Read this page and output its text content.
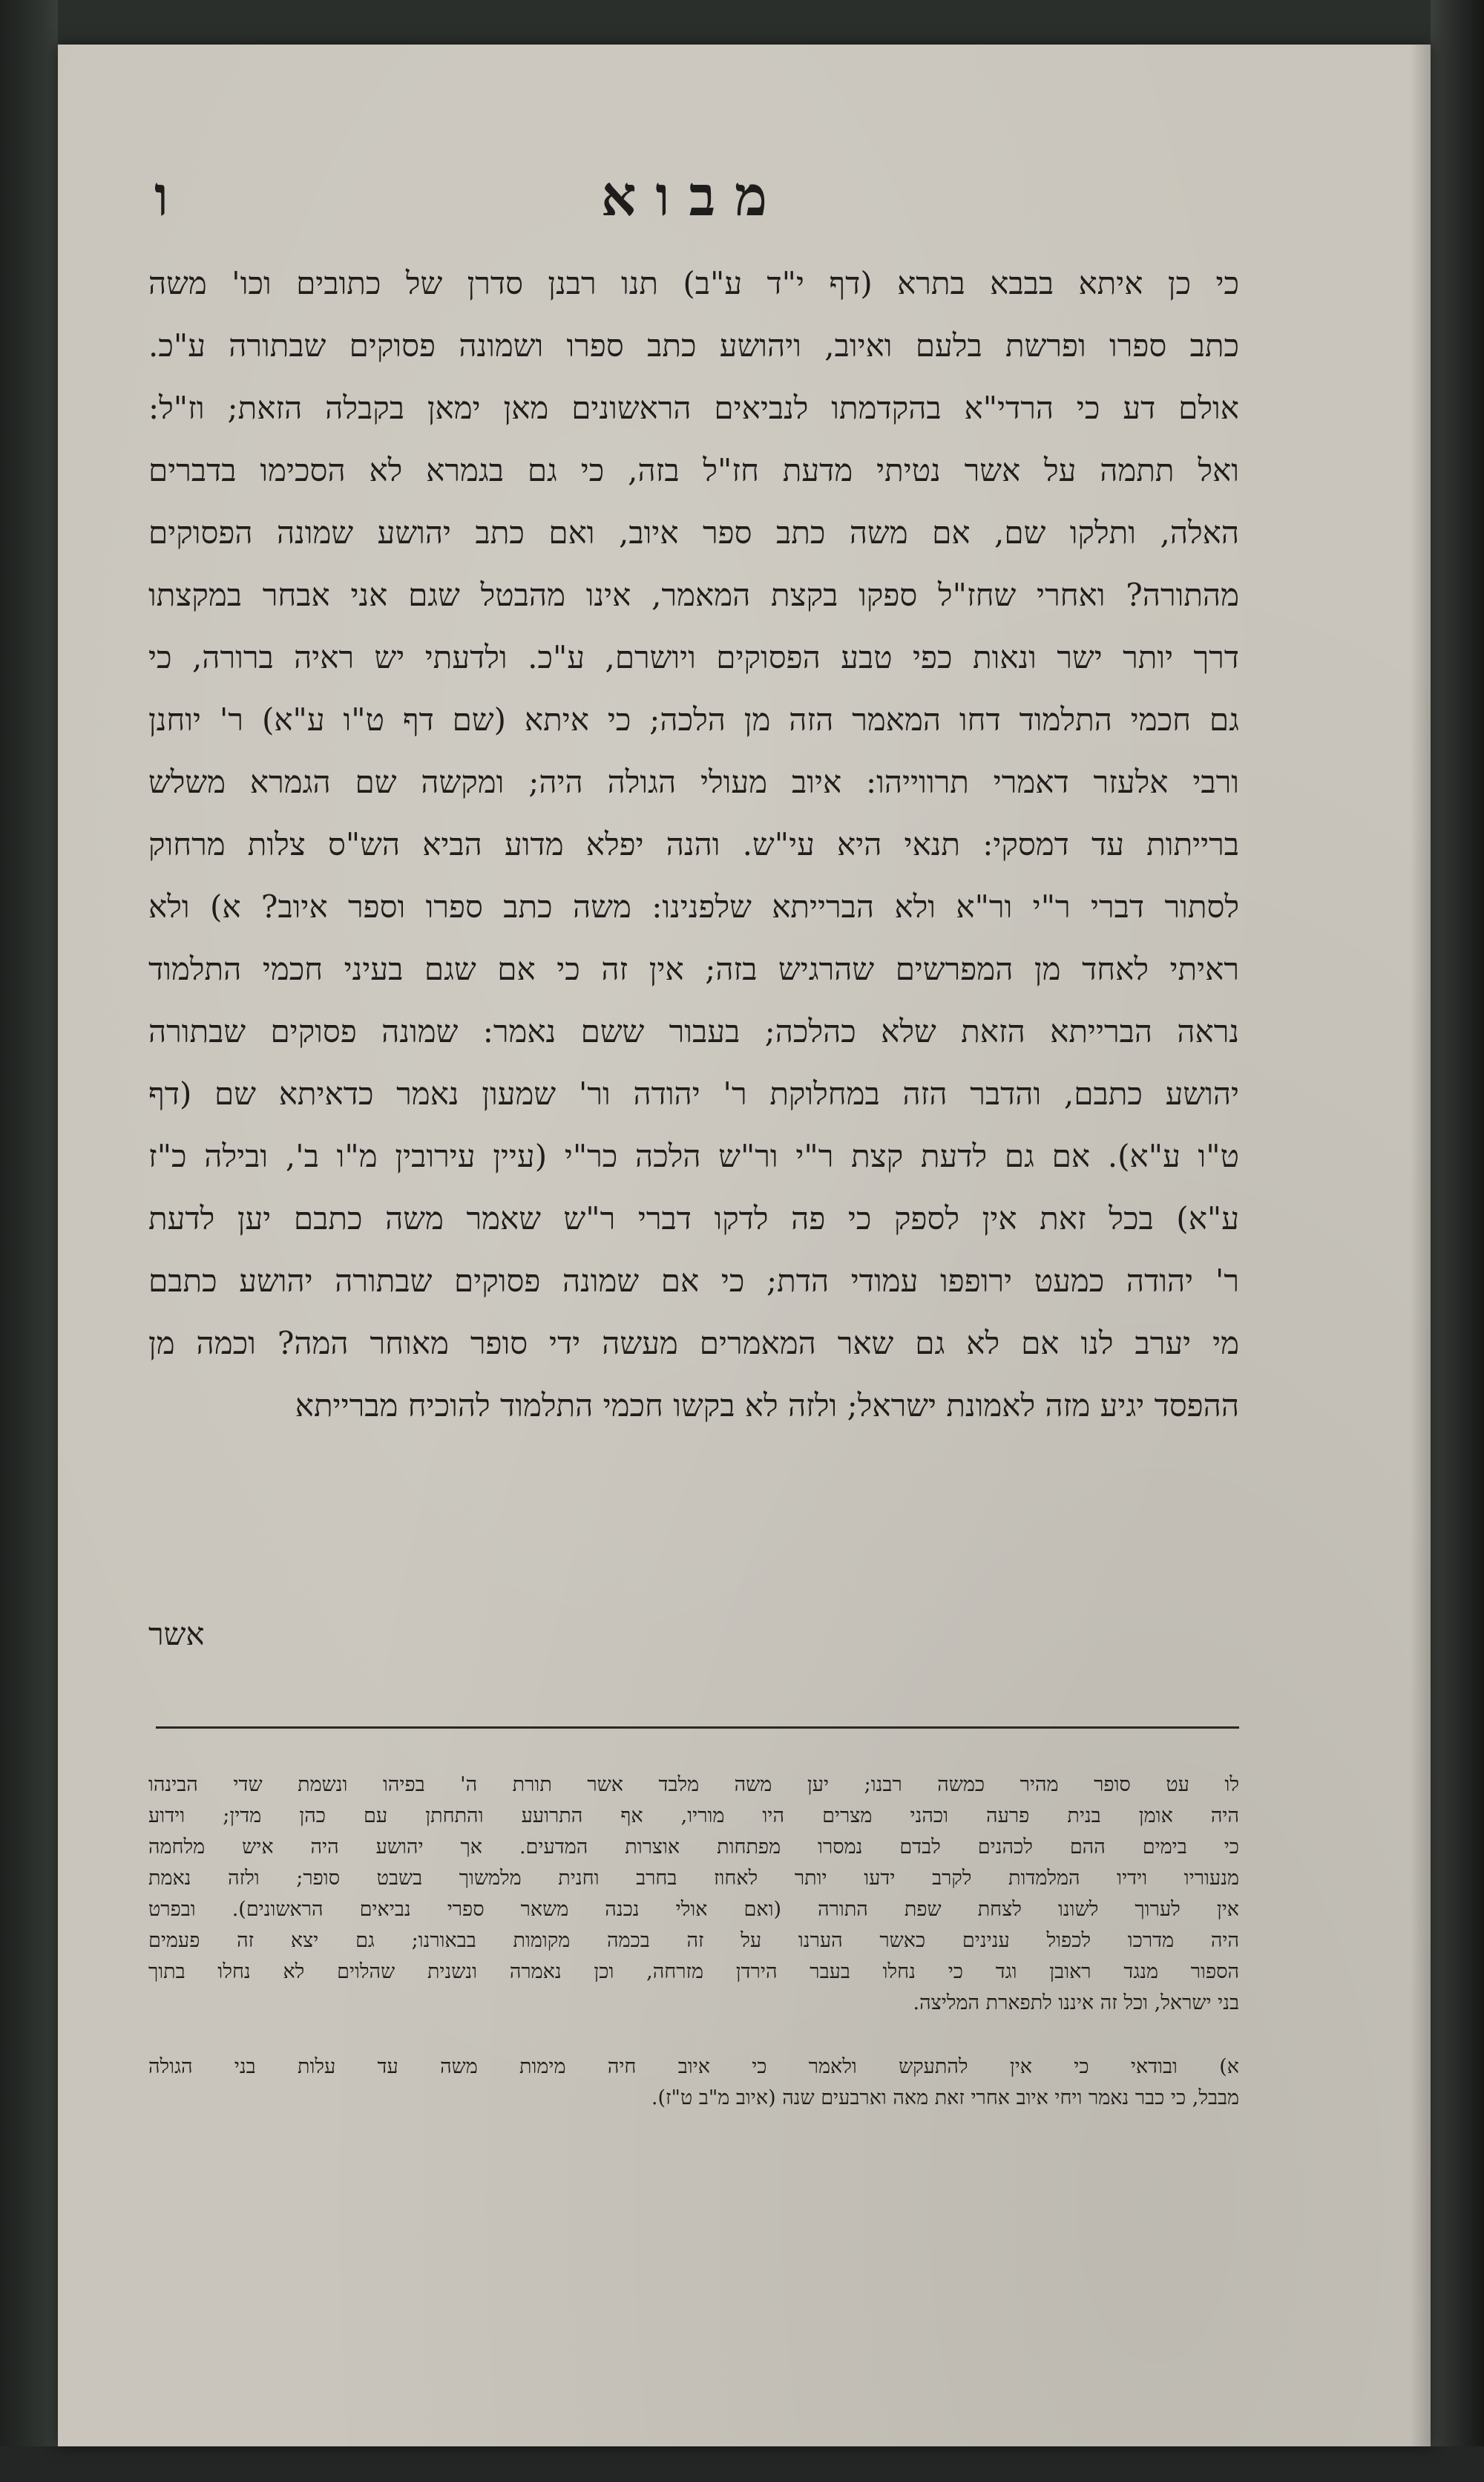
מבוא
ו
כי כן איתא בבבא בתרא (דף י"ד ע"ב) תנו רבנן סדרן של כתובים וכו' משה
כתב ספרו ופרשת בלעם ואיוב, ויהושע כתב ספרו ושמונה פסוקים שבתורה ע"כ.
אולם דע כי הרדי"א בהקדמתו לנביאים הראשונים מאן ימאן בקבלה הזאת; וז"ל:
ואל תתמה על אשר נטיתי מדעת חז"ל בזה, כי גם בגמרא לא הסכימו בדברים
האלה, ותלקו שם, אם משה כתב ספר איוב, ואם כתב יהושע שמונה הפסוקים
מהתורה? ואחרי שחז"ל ספקו בקצת המאמר, אינו מהבטל שגם אני אבחר במקצתו
דרך יותר ישר ונאות כפי טבע הפסוקים ויושרם, ע"כ. ולדעתי יש ראיה ברורה, כי
גם חכמי התלמוד דחו המאמר הזה מן הלכה; כי איתא (שם דף ט"ו ע"א) ר' יוחנן
ורבי אלעזר דאמרי תרווייהו: איוב מעולי הגולה היה; ומקשה שם הגמרא משלש
ברייתות עד דמסקי: תנאי היא עי"ש. והנה יפלא מדוע הביא הש"ס צלות מרחוק
לסתור דברי ר"י ור"א ולא הברייתא שלפנינו: משה כתב ספרו וספר איוב? א) ולא
ראיתי לאחד מן המפרשים שהרגיש בזה; אין זה כי אם שגם בעיני חכמי התלמוד
נראה הברייתא הזאת שלא כהלכה; בעבור ששם נאמר: שמונה פסוקים שבתורה
יהושע כתבם, והדבר הזה במחלוקת ר' יהודה ור' שמעון נאמר כדאיתא שם (דף
ט"ו ע"א). אם גם לדעת קצת ר"י ור"ש הלכה כר"י (עיין עירובין מ"ו ב', ובילה כ"ז
ע"א) בכל זאת אין לספק כי פה לדקו דברי ר"ש שאמר משה כתבם יען לדעת
ר' יהודה כמעט ירופפו עמודי הדת; כי אם שמונה פסוקים שבתורה יהושע כתבם
מי יערב לנו אם לא גם שאר המאמרים מעשה ידי סופר מאוחר המה? וכמה מן
ההפסד יגיע מזה לאמונת ישראל; ולזה לא בקשו חכמי התלמוד להוכיח מברייתא
אשר
לו עט סופר מהיר כמשה רבנו; יען משה מלבד אשר תורת ה' בפיהו ונשמת שדי הבינהו
היה אומן בנית פרעה וכהני מצרים היו מוריו, אף התרועע והתחתן עם כהן מדין; וידוע
כי בימים ההם לכהנים לבדם נמסרו מפתחות אוצרות המדעים. אך יהושע היה איש מלחמה
מנעוריו וידיו המלמדות לקרב ידעו יותר לאחוז בחרב וחנית מלמשוך בשבט סופר; ולזה נאמת
אין לערוך לשונו לצחת שפת התורה (ואם אולי נכנה משאר ספרי נביאים הראשונים). ובפרט
היה מדרכו לכפול ענינים כאשר הערנו על זה בכמה מקומות בבאורנו; גם יצא זה פעמים
הספור מנגד ראובן וגד כי נחלו בעבר הירדן מזרחה, וכן נאמרה ונשנית שהלוים לא נחלו בתוך
בני ישראל, וכל זה איננו לתפארת המליצה.
א) ובודאי כי אין להתעקש ולאמר כי איוב חיה מימות משה עד עלות בני הגולה
מבבל, כי כבר נאמר ויחי איוב אחרי זאת מאה וארבעים שנה (איוב מ"ב ט"ז).
